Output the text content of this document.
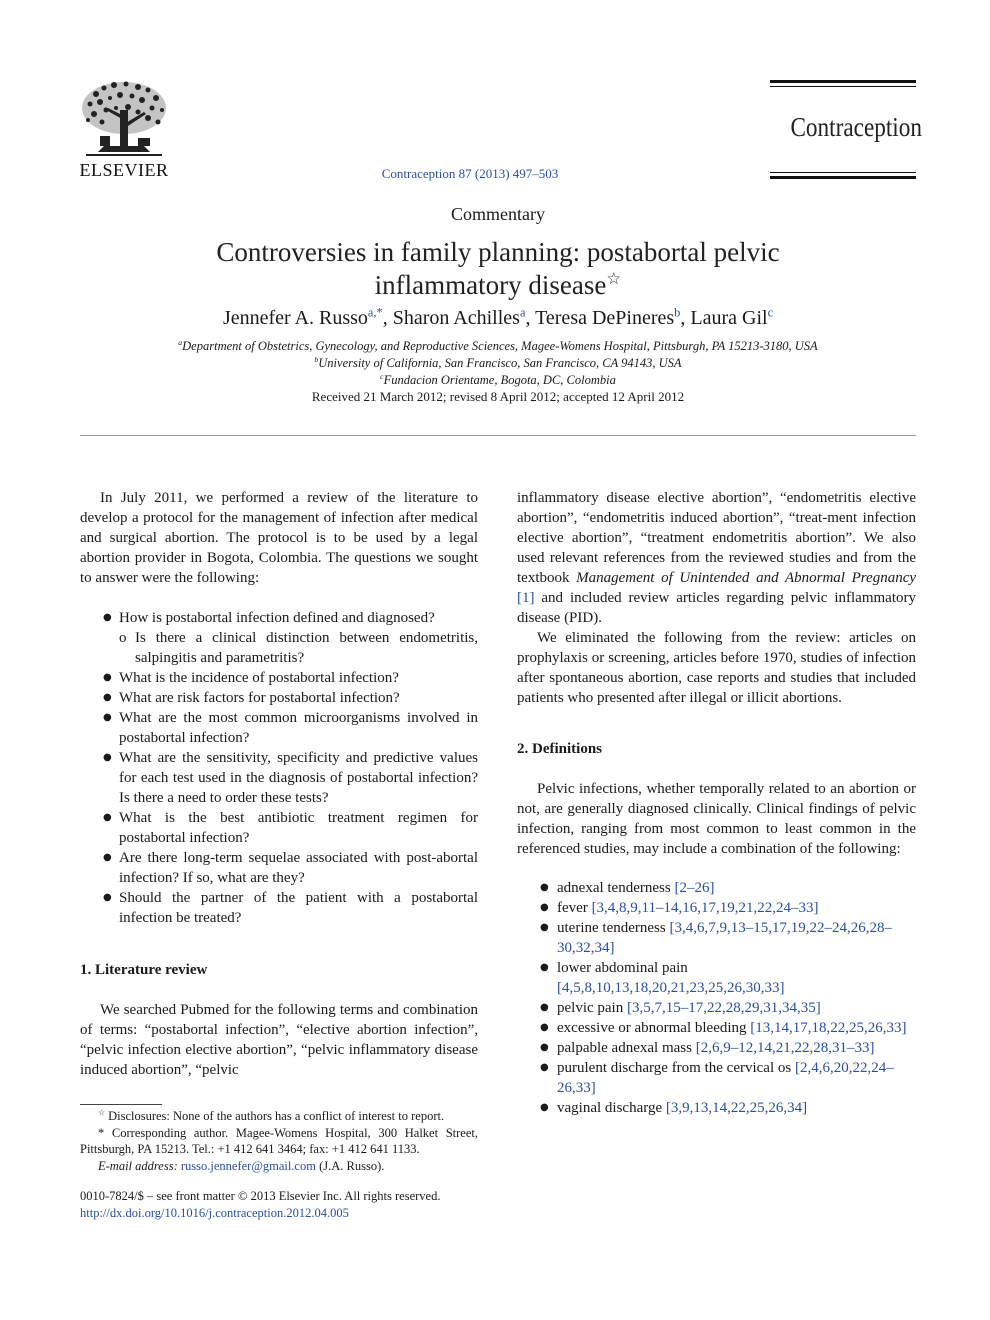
ELSEVIER	Contraception 87 (2013) 497–503
Contraception
Commentary
Controversies in family planning: postabortal pelvic
inflammatory disease☆
Jennefer A. Russo$^{a,*}$, Sharon Achilles$^a$, Teresa DePineres$^b$, Laura Gil$^c$
$^a$Department of Obstetrics, Gynecology, and Reproductive Sciences, Magee-Womens Hospital, Pittsburgh, PA 15213-3180, USA
$^b$University of California, San Francisco, San Francisco, CA 94143, USA
$^c$Fundacion Orientame, Bogota, DC, Colombia
Received 21 March 2012; revised 8 April 2012; accepted 12 April 2012

In July 2011, we performed a review of the literature to develop a protocol for the management of infection after medical and surgical abortion. The protocol is to be used by a legal abortion provider in Bogota, Colombia. The questions we sought to answer were the following:

● How is postabortal infection defined and diagnosed?
o Is there a clinical distinction between endometritis, salpingitis and parametritis?
● What is the incidence of postabortal infection?
● What are risk factors for postabortal infection?
● What are the most common microorganisms involved in postabortal infection?
● What are the sensitivity, specificity and predictive values for each test used in the diagnosis of postabortal infection? Is there a need to order these tests?
● What is the best antibiotic treatment regimen for postabortal infection?
● Are there long-term sequelae associated with post-abortal infection? If so, what are they?
● Should the partner of the patient with a postabortal infection be treated?
1. Literature review

We searched Pubmed for the following terms and combination of terms: “postabortal infection”, “elective abortion infection”, “pelvic infection elective abortion”, “pelvic inflammatory disease induced abortion”, “pelvic

inflammatory disease elective abortion”, “endometritis elective abortion”, “endometritis induced abortion”, “treat-ment infection elective abortion”, “treatment endometritis abortion”. We also used relevant references from the reviewed studies and from the textbook Management of Unintended and Abnormal Pregnancy [1] and included review articles regarding pelvic inflammatory disease (PID).

We eliminated the following from the review: articles on prophylaxis or screening, articles before 1970, studies of infection after spontaneous abortion, case reports and studies that included patients who presented after illegal or illicit abortions.

2. Definitions

Pelvic infections, whether temporally related to an abortion or not, are generally diagnosed clinically. Clinical findings of pelvic infection, ranging from most common to least common in the referenced studies, may include a combination of the following:

● adnexal tenderness [2–26]
● fever [3,4,8,9,11–14,16,17,19,21,22,24–33]
● uterine tenderness [3,4,6,7,9,13–15,17,19,22–24,26,28–30,32,34]
● lower abdominal pain [4,5,8,10,13,18,20,21,23,25,26,30,33]
● pelvic pain [3,5,7,15–17,22,28,29,31,34,35]
● excessive or abnormal bleeding [13,14,17,18,22,25,26,33]
● palpable adnexal mass [2,6,9–12,14,21,22,28,31–33]
● purulent discharge from the cervical os [2,4,6,20,22,24–26,33]
● vaginal discharge [3,9,13,14,22,25,26,34]

☆ Disclosures: None of the authors has a conflict of interest to report.

* Corresponding author. Magee-Womens Hospital, 300 Halket Street, Pittsburgh, PA 15213. Tel.: +1 412 641 3464; fax: +1 412 641 1133.

E-mail address: russo.jennefer@gmail.com (J.A. Russo).

0010-7824/$ – see front matter © 2013 Elsevier Inc. All rights reserved.
http://dx.doi.org/10.1016/j.contraception.2012.04.005
